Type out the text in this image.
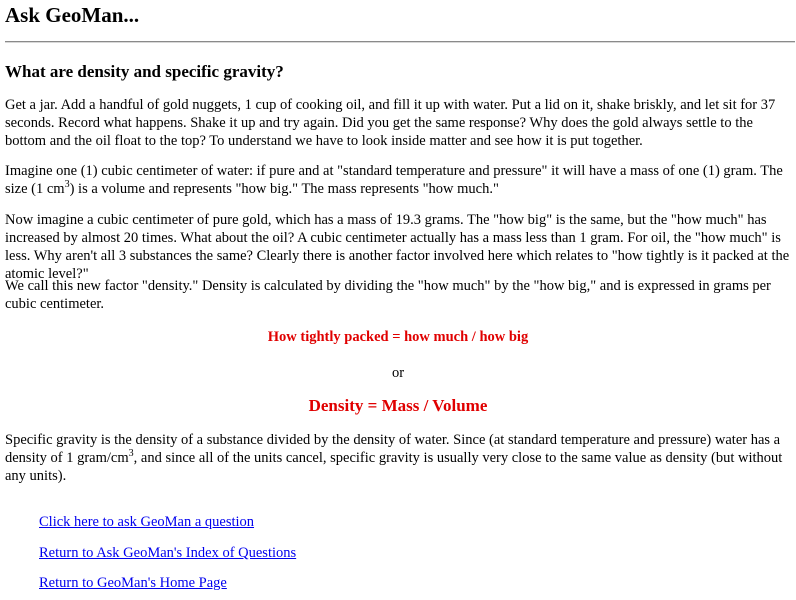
Ask GeoMan...
What are density and specific gravity?

Get a jar. Add a handful of gold nuggets, 1 cup of cooking oil, and fill it up with water. Put a lid on it, shake briskly, and let sit for 37 seconds. Record what happens. Shake it up and try again. Did you get the same response? Why does the gold always settle to the bottom and the oil float to the top? To understand we have to look inside matter and see how it is put together.

Imagine one (1) cubic centimeter of water: if pure and at "standard temperature and pressure" it will have a mass of one (1) gram. The size (1 $cm^3$) is a volume and represents "how big." The mass represents "how much."

Now imagine a cubic centimeter of pure gold, which has a mass of 19.3 grams. The "how big" is the same, but the "how much" has increased by almost 20 times. What about the oil? A cubic centimeter actually has a mass less than 1 gram. For oil, the "how much" is less. Why aren't all 3 substances the same? Clearly there is another factor involved here which relates to "how tightly is it packed at the atomic level?"

We call this new factor "density." Density is calculated by dividing the "how much" by the "how big," and is expressed in grams per cubic centimeter.

How tightly packed = how much / how big

or

Density = Mass / Volume

Specific gravity is the density of a substance divided by the density of water. Since (at standard temperature and pressure) water has a density of 1 gram/$cm^3$, and since all of the units cancel, specific gravity is usually very close to the same value as density (but without any units).

Click here to ask GeoMan a question
Return to Ask GeoMan's Index of Questions
Return to GeoMan's Home Page
